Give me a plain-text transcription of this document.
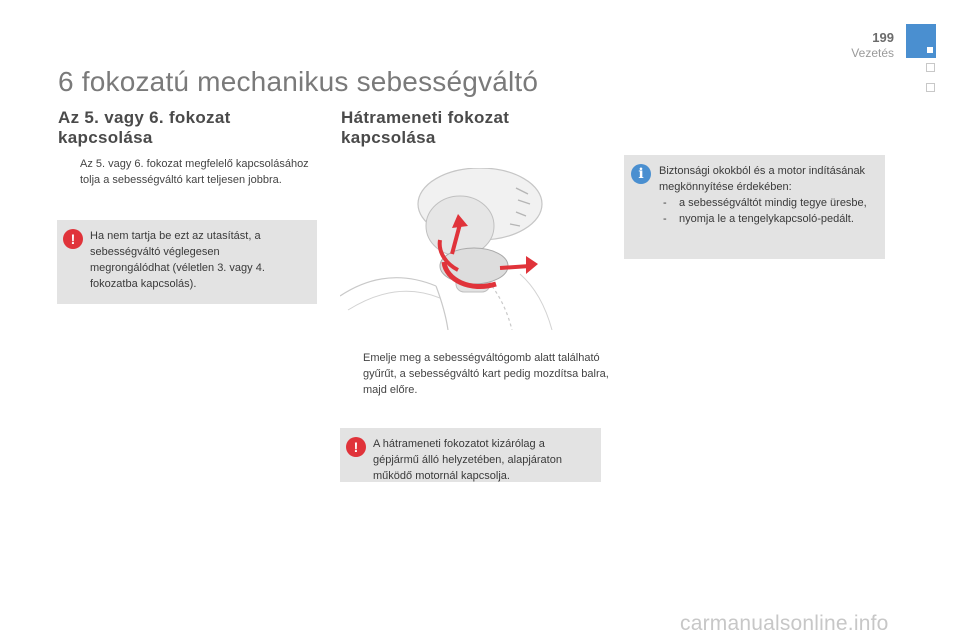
199
Vezetés
6 fokozatú mechanikus sebességváltó
Az 5. vagy 6. fokozat
kapcsolása
Az 5. vagy 6. fokozat megfelelő kapcsolásához tolja a sebességváltó kart teljesen jobbra.
!	Ha nem tartja be ezt az utasítást, a sebességváltó véglegesen megrongálódhat (véletlen 3. vagy 4. fokozatba kapcsolás).
Hátrameneti fokozat
kapcsolása
Emelje meg a sebességváltógomb alatt található gyűrűt, a sebességváltó kart pedig mozdítsa balra, majd előre.
!	A hátrameneti fokozatot kizárólag a gépjármű álló helyzetében, alapjáraton működő motornál kapcsolja.
i	Biztonsági okokból és a motor indításának megkönnyítése érdekében:
- a sebességváltót mindig tegye üresbe,
- nyomja le a tengelykapcsoló-pedált.
carmanualsonline.info
